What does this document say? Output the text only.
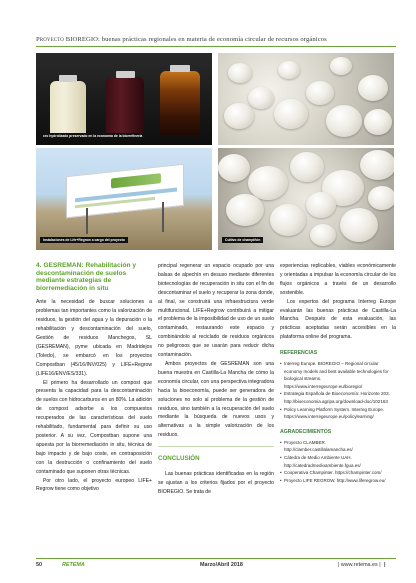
Proyecto BIOREGIO: buenas prácticas regionales en materia de economía circular de recursos orgánicos
cro hydrolizado preservado en la economía de la biorrefinería
Instalaciones de Life+Regrow a cargo del proyecto	Cultivo de champiñón
4. GESREMAN: Rehabilitación y descontaminación de suelos mediante estrategias de biorremediación in situ

Ante la necesidad de buscar soluciones a problemas tan importantes como la valorización de residuos, la gestión del agua y la depuración o la rehabilitación y descontaminación del suelo, Gestión de residuos Manchegos, SL (GESREMAN), pyme ubicada en Madridejos (Toledo), se embarcó en los proyectos Compostban (45/16/INV/025) y LIFE+Regrow (LIFE16/ENV/ES/331).

El primero ha desarrollado un compost que presenta la capacidad para la descontaminación de suelos con hidrocarburos en un 80%. La adición de compost adsorbe a los compuestos recuperados de las características del suelo rehabilitado, fundamental para definir su uso posterior. A su vez, Compostban supone una apuesta por la biorremediación in situ, técnica de bajo impacto y de bajo coste, en contraposición con la destrucción o confinamiento del suelo contaminado que suponen otras técnicas.

Por otro lado, el proyecto europeo LIFE+ Regrow tiene como objetivo

principal regenerar un espacio ocupado por una balsas de alpechín en desuso mediante diferentes biotecnologías de recuperación in situ con el fin de descontaminar el suelo y recuperar la zona donde, al final, se construirá una infraestructura verde multifuncional. LIFE+Regrow contribuirá a mitigar el problema de la imposibilidad de uso de un suelo contaminado, restaurando este espacio y combinándolo al reciclado de residuos orgánicos no peligrosos que se usarán para reducir dicha contaminación.

Ambos proyectos de GESREMAN son una buena muestra en Castilla-La Mancha de cómo la economía circular, con una perspectiva integradora hacia la bioeconomía, puede ser generadora de soluciones no solo al problema de la gestión de residuos, sino también a la recuperación del suelo mediante la búsqueda de nuevos usos y alternativas a la simple valorización de los residuos.

CONCLUSIÓN

Las buenas prácticas identificadas en la región se ajustan a los criterios fijados por el proyecto BIOREGIO. Se trata de

experiencias replicables, viables económicamente y orientadas a impulsar la economía circular de los flujos orgánicos a través de un desarrollo sostenible.

Los expertos del programa Interreg Europe evaluarán las buenas prácticas de Castilla-La Mancha. Después de esta evaluación, las prácticas aceptadas serán accesibles en la plataforma online del programa.

REFERENCIAS
• Interreg Europe. BIOREGIO – Regional circular economy models and best available technologies for biological streams. https://www.interregeurope.eu/bioregio/
• Estrategia Española de Bioeconomía: Horizonte 203. http://bioeconomia.agripa.org/download-doc/102163
• Policy Learning Platform System. Interreg Europe. https://www.interregeurope.eu/policylearning/
AGRADECIMIENTOS
• Proyecto CLAMBER. http://clamber.castillalamancha.es/
• Cátedra de Medio Ambiente UAH. http://catedradmedioambiente.fgua.es/
• Cooperativa Champinter. https://champinter.com/
• Proyecto LIFE REGROW. http://www.liferegrow.eu/
50	RETEMA	Marzo/Abril 2018	| www.retema.es | |
